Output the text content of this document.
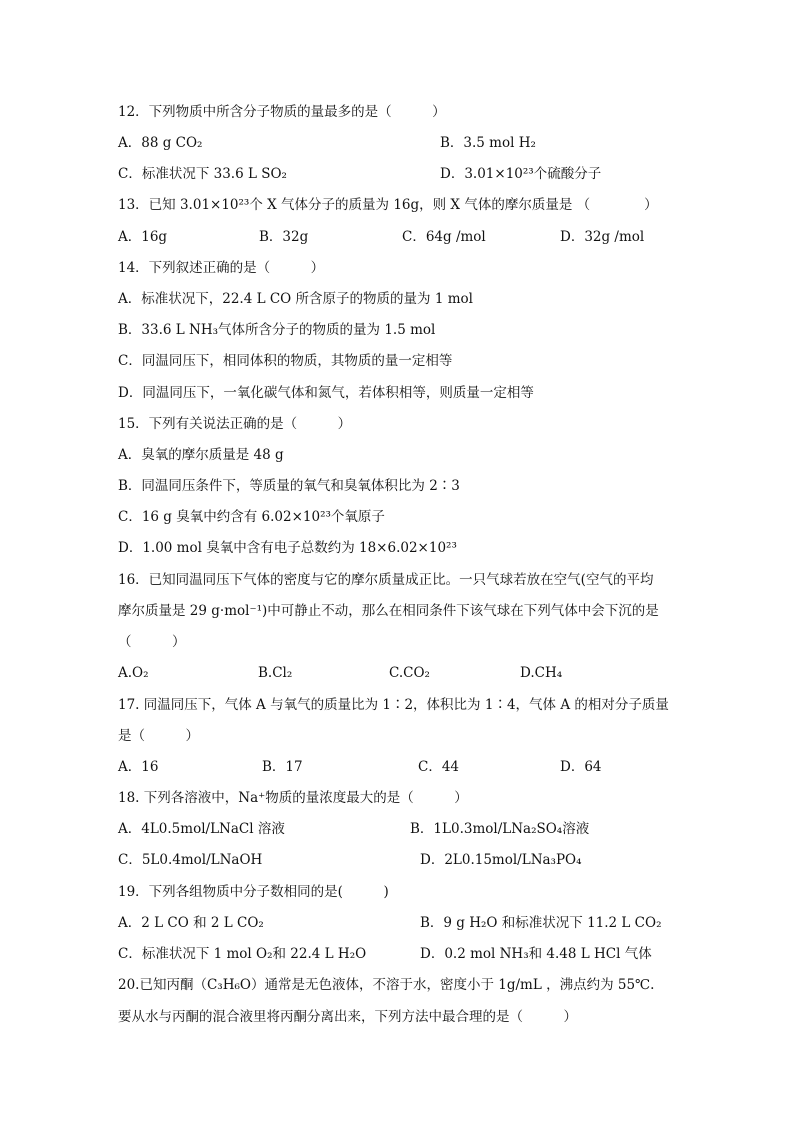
12．下列物质中所含分子物质的量最多的是（　　　）
A．88 g CO₂	B．3.5 mol H₂
C．标准状况下 33.6 L SO₂	D．3.01×10²³个硫酸分子
13．已知 3.01×10²³个 X 气体分子的质量为 16g，则 X 气体的摩尔质量是 （　　　　）
A．16g	B．32g	C．64g /mol	D．32g /mol
14．下列叙述正确的是（　　　）
A．标准状况下，22.4 L CO 所含原子的物质的量为 1 mol
B．33.6 L NH₃气体所含分子的物质的量为 1.5 mol
C．同温同压下，相同体积的物质，其物质的量一定相等
D．同温同压下，一氧化碳气体和氮气，若体积相等，则质量一定相等
15．下列有关说法正确的是（　　　）
A．臭氧的摩尔质量是 48 g
B．同温同压条件下，等质量的氧气和臭氧体积比为 2∶3
C．16 g 臭氧中约含有 6.02×10²³个氧原子
D．1.00 mol 臭氧中含有电子总数约为 18×6.02×10²³
16．已知同温同压下气体的密度与它的摩尔质量成正比。一只气球若放在空气(空气的平均
摩尔质量是 29 g·mol⁻¹)中可静止不动，那么在相同条件下该气球在下列气体中会下沉的是
（　　　）
A.O₂	B.Cl₂	C.CO₂	D.CH₄
17. 同温同压下，气体 A 与氧气的质量比为 1∶2，体积比为 1∶4，气体 A 的相对分子质量
是（　　　）
A．16	B．17	C．44	D．64
18. 下列各溶液中，Na⁺物质的量浓度最大的是（　　　）
A．4L0.5mol/LNaCl 溶液	B．1L0.3mol/LNa₂SO₄溶液
C．5L0.4mol/LNaOH	D．2L0.15mol/LNa₃PO₄
19．下列各组物质中分子数相同的是(　　　)
A．2 L CO 和 2 L CO₂	B．9 g H₂O 和标准状况下 11.2 L CO₂
C．标准状况下 1 mol O₂和 22.4 L H₂O	D．0.2 mol NH₃和 4.48 L HCl 气体
20.已知丙酮（C₃H₆O）通常是无色液体，不溶于水，密度小于 1g/mL ，沸点约为 55℃.
要从水与丙酮的混合液里将丙酮分离出来，下列方法中最合理的是（　　　）
